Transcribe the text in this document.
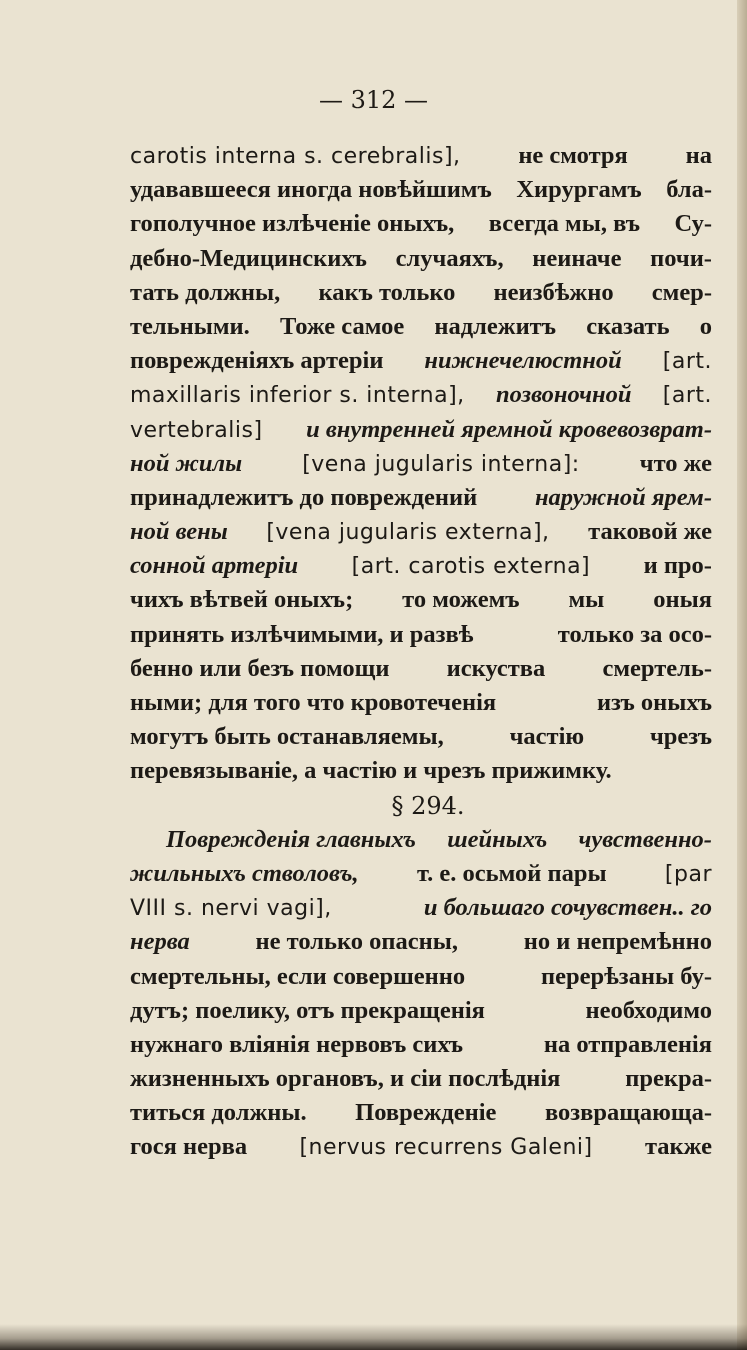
— 312 —
carotis interna s. cerebralis], не смотря на
удававшееся иногда новѣйшимъ Хирургамъ бла-
гополучное излѣченіе оныхъ, всегда мы, въ Су-
дебно-Медицинскихъ случаяхъ, неиначе почи-
тать должны, какъ только неизбѣжно смер-
тельными. Тоже самое надлежитъ сказать о
поврежденіяхъ артеріи нижнечелюстной [art.
maxillaris inferior s. interna], позвоночной [art.
vertebralis] и внутренней яремной кровевозврат-
ной жилы	[vena jugularis interna]: что же
принадлежитъ до повреждений наружной ярем-
ной вены [vena jugularis externa], таковой же
сонной артеріи [art. carotis externa] и про-
чихъ вѣтвей оныхъ; то можемъ мы оныя
принять излѣчимыми, и развѣ	только за осо-
бенно или безъ помощи искуства смертель-
ными; для того что кровотеченія	изъ оныхъ
могутъ быть останавляемы,	частію	чрезъ
перевязываніе, а частію и чрезъ прижимку.
§ 294.
Поврежденія главныхъ шейныхъ чувственно-
жильныхъ стволовъ, т. е. осьмой пары	[par
VIII s. nervi vagi],	и большаго сочувствен.. го
нерва	не только опасны,	но и непремѣнно
смертельны, если совершенно	перерѣзаны бу-
дутъ; поелику, отъ прекращенія	необходимо
нужнаго вліянія нервовъ сихъ	на отправленія
жизненныхъ органовъ, и сіи послѣднія	прекра-
титься должны. Поврежденіе возвращающа-
гося нерва [nervus recurrens Galeni] также
